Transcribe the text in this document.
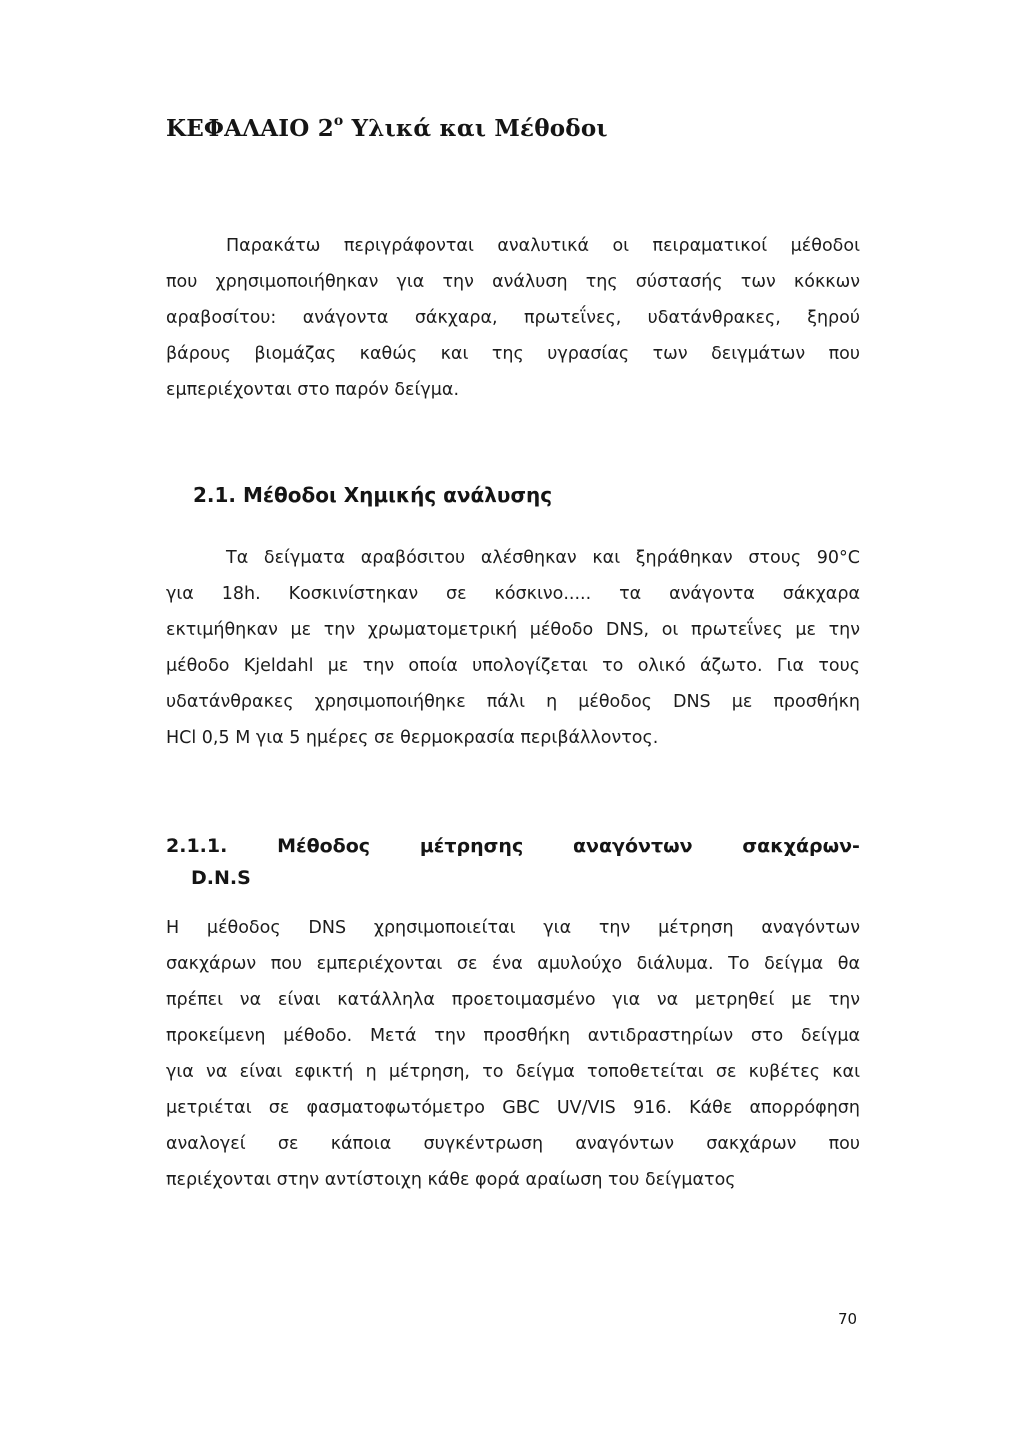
ΚΕΦΑΛΑΙΟ $2^o$ Υλικά και Μέθοδοι
Παρακάτω περιγράφονται αναλυτικά οι πειραματικοί μέθοδοι
που χρησιμοποιήθηκαν για την ανάλυση της σύστασής των κόκκων
αραβοσίτου: ανάγοντα σάκχαρα, πρωτεΐνες, υδατάνθρακες, ξηρού
βάρους βιομάζας καθώς και της υγρασίας των δειγμάτων που
εμπεριέχονται στο παρόν δείγμα.
2.1. Μέθοδοι Χημικής ανάλυσης
Τα δείγματα αραβόσιτου αλέσθηκαν και ξηράθηκαν στους 90°C
για 18h. Κοσκινίστηκαν σε κόσκινο..... τα ανάγοντα σάκχαρα
εκτιμήθηκαν με την χρωματομετρική μέθοδο DNS, οι πρωτεΐνες με την
μέθοδο Kjeldahl με την οποία υπολογίζεται το ολικό άζωτο. Για τους
υδατάνθρακες χρησιμοποιήθηκε πάλι η μέθοδος DNS με προσθήκη
HCl 0,5 M για 5 ημέρες σε θερμοκρασία περιβάλλοντος.
2.1.1.	Μέθοδος	μέτρησης	αναγόντων	σακχάρων-
D.N.S
Η μέθοδος DNS χρησιμοποιείται για την μέτρηση αναγόντων
σακχάρων που εμπεριέχονται σε ένα αμυλούχο διάλυμα. Το δείγμα θα
πρέπει να είναι κατάλληλα προετοιμασμένο για να μετρηθεί με την
προκείμενη μέθοδο. Μετά την προσθήκη αντιδραστηρίων στο δείγμα
για να είναι εφικτή η μέτρηση, το δείγμα τοποθετείται σε κυβέτες και
μετριέται σε φασματοφωτόμετρο GBC UV/VIS 916. Κάθε απορρόφηση
αναλογεί σε κάποια συγκέντρωση αναγόντων σακχάρων που
περιέχονται στην αντίστοιχη κάθε φορά αραίωση του δείγματος
70
